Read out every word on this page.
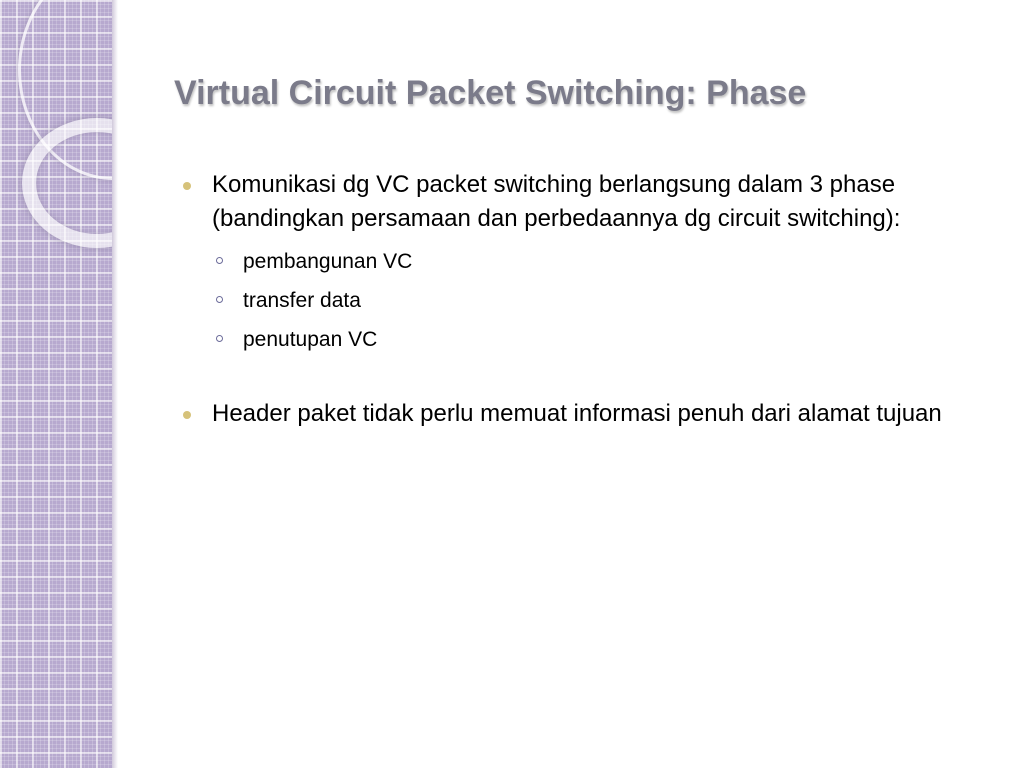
Virtual Circuit Packet Switching: Phase
Komunikasi dg VC packet switching berlangsung dalam 3 phase (bandingkan persamaan dan perbedaannya dg circuit switching):
pembangunan VC
transfer data
penutupan VC
Header paket tidak perlu memuat informasi penuh dari alamat tujuan
